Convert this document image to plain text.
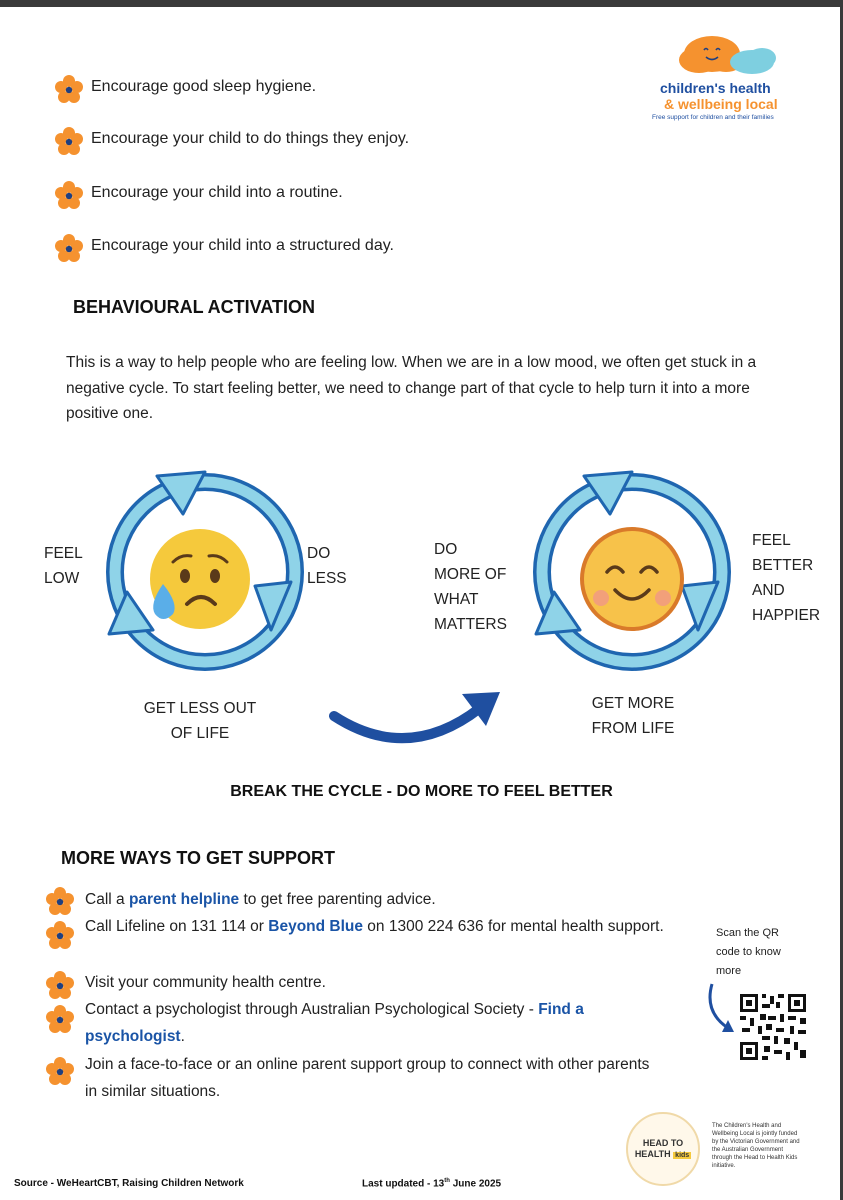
children's health
& wellbeing local
Free support for children and their families
Encourage good sleep hygiene.
Encourage your child to do things they enjoy.
Encourage your child into a routine.
Encourage your child into a structured day.
BEHAVIOURAL ACTIVATION
This is a way to help people who are feeling low. When we are in a low mood, we often get stuck in a negative cycle. To start feeling better, we need to change part of that cycle to help turn it into a more positive one.
FEEL
LOW
DO
LESS
GET LESS OUT
OF LIFE
DO
MORE OF
WHAT
MATTERS
FEEL
BETTER
AND
HAPPIER
GET MORE
FROM LIFE
BREAK THE CYCLE - DO MORE TO FEEL BETTER
MORE WAYS TO GET SUPPORT
Call a parent helpline to get free parenting advice.
Call Lifeline on 131 114 or Beyond Blue on 1300 224 636 for mental health support.
Visit your community health centre.
Contact a psychologist through Australian Psychological Society - Find a psychologist.
Join a face-to-face or an online parent support group to connect with other parents in similar situations.
Scan the QR
code to know
more
HEAD TO
HEALTH kids
The Children's Health and Wellbeing Local is jointly funded by the Victorian Government and the Australian Government through the Head to Health Kids initiative.
Source - WeHeartCBT, Raising Children Network	Last updated - 13th June 2025
